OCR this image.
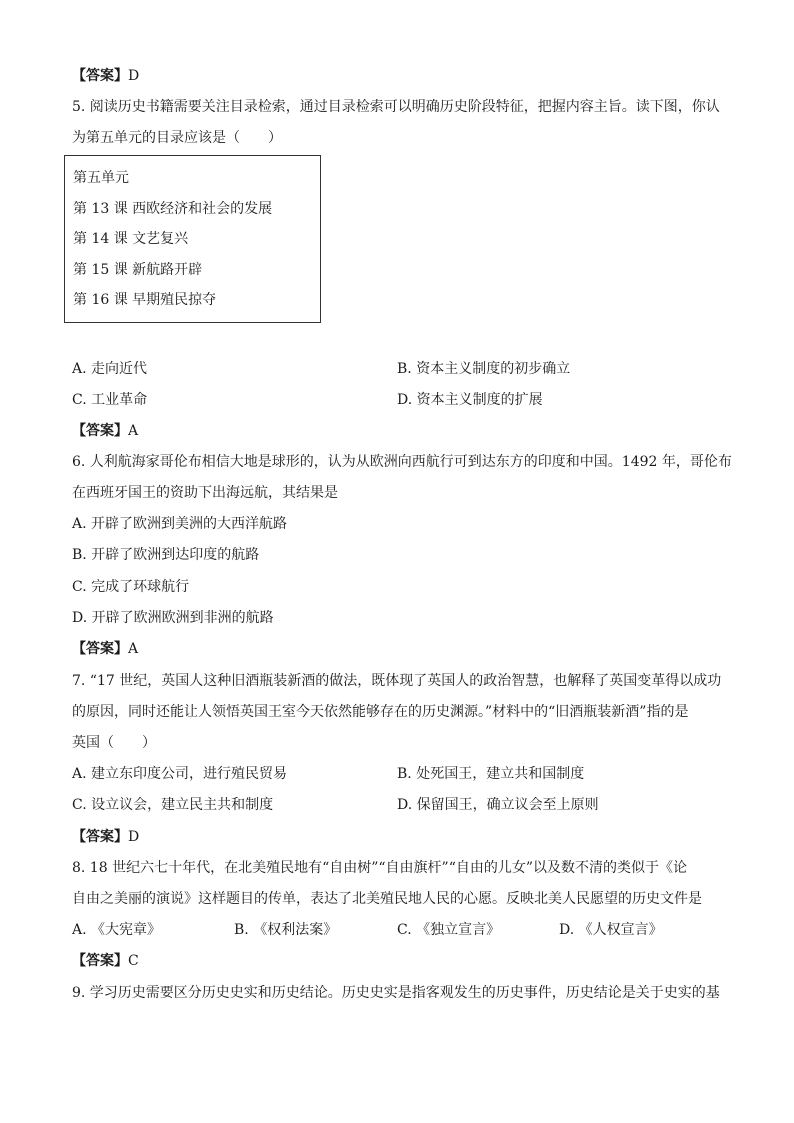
【答案】D
5. 阅读历史书籍需要关注目录检索，通过目录检索可以明确历史阶段特征，把握内容主旨。读下图，你认
为第五单元的目录应该是（　　）
第五单元
第 13 课 西欧经济和社会的发展
第 14 课 文艺复兴
第 15 课 新航路开辟
第 16 课 早期殖民掠夺
A. 走向近代	B. 资本主义制度的初步确立
C. 工业革命	D. 资本主义制度的扩展
【答案】A
6. 人利航海家哥伦布相信大地是球形的，认为从欧洲向西航行可到达东方的印度和中国。1492 年，哥伦布
在西班牙国王的资助下出海远航，其结果是
A. 开辟了欧洲到美洲的大西洋航路
B. 开辟了欧洲到达印度的航路
C. 完成了环球航行
D. 开辟了欧洲欧洲到非洲的航路
【答案】A
7. “17 世纪，英国人这种旧酒瓶装新酒的做法，既体现了英国人的政治智慧，也解释了英国变革得以成功
的原因，同时还能让人领悟英国王室今天依然能够存在的历史渊源。”材料中的“旧酒瓶装新酒”指的是
英国（　　）
A. 建立东印度公司，进行殖民贸易	B. 处死国王，建立共和国制度
C. 设立议会，建立民主共和制度	D. 保留国王，确立议会至上原则
【答案】D
8. 18 世纪六七十年代，在北美殖民地有“自由树”“自由旗杆”“自由的儿女”以及数不清的类似于《论
自由之美丽的演说》这样题目的传单，表达了北美殖民地人民的心愿。反映北美人民愿望的历史文件是
A. 《大宪章》	B. 《权利法案》	C. 《独立宣言》	D. 《人权宣言》
【答案】C
9. 学习历史需要区分历史史实和历史结论。历史史实是指客观发生的历史事件，历史结论是关于史实的基
